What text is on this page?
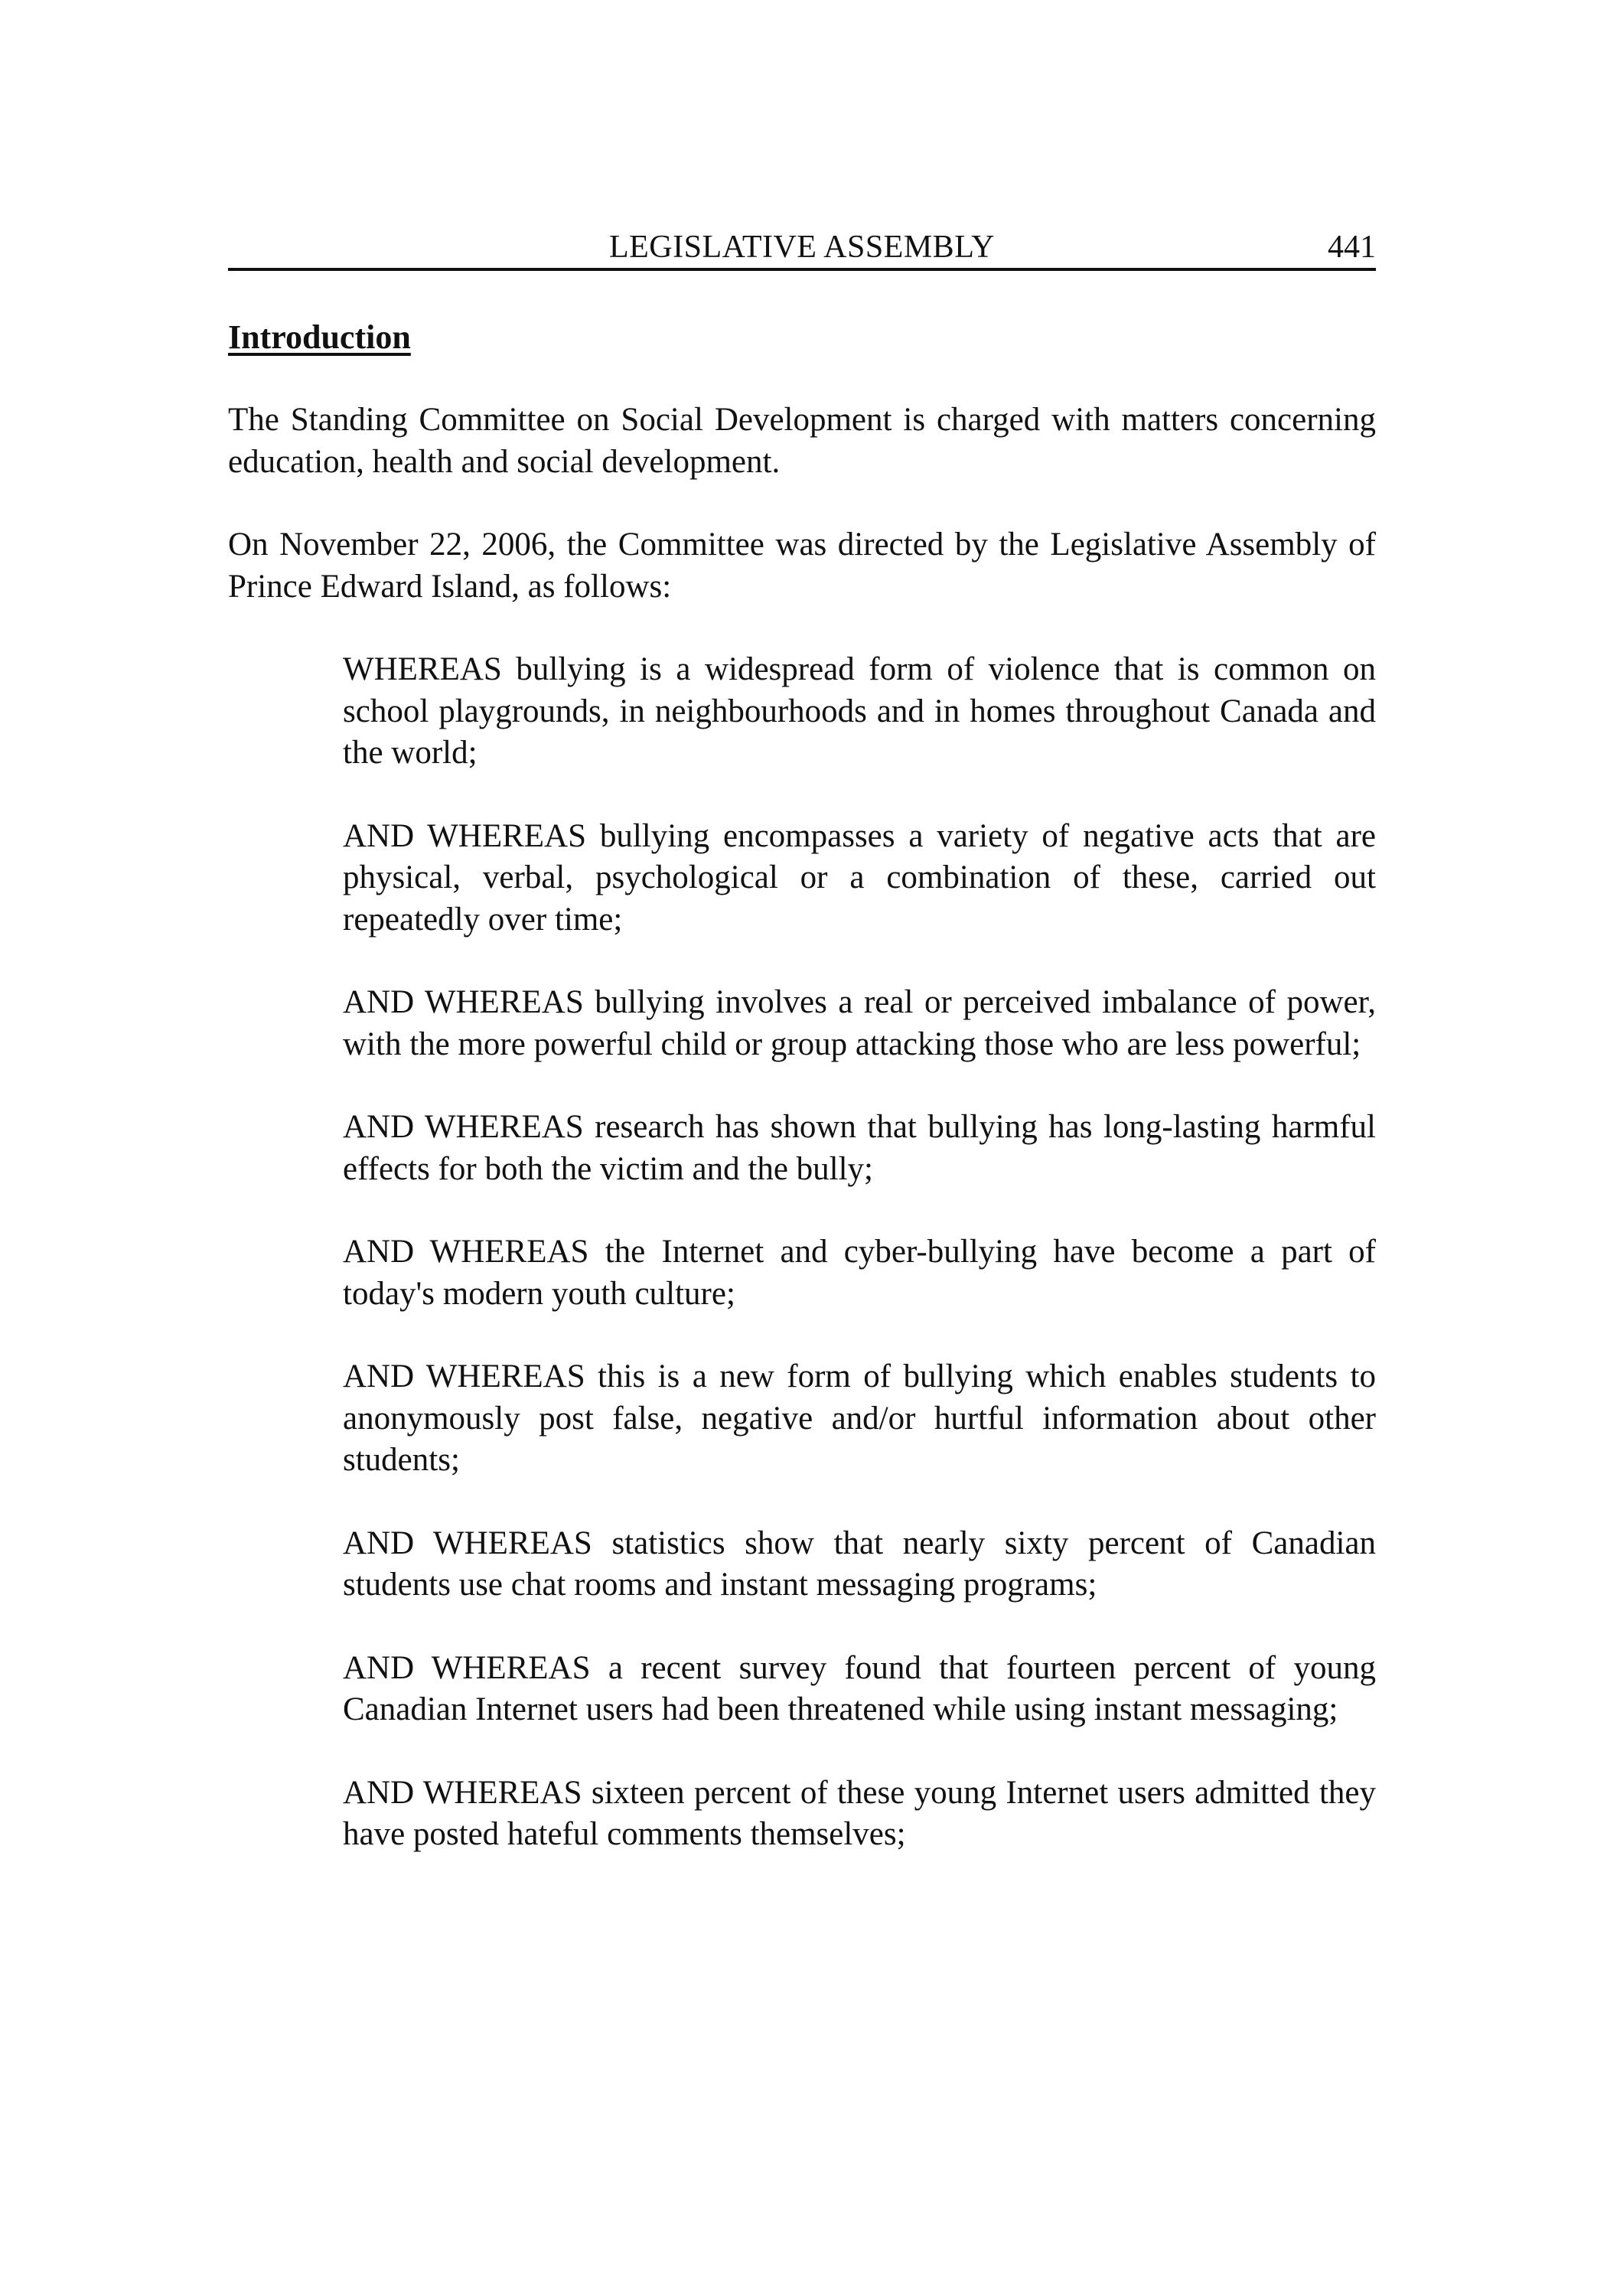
LEGISLATIVE ASSEMBLY	441
Introduction

The Standing Committee on Social Development is charged with matters concerning education, health and social development.

On November 22, 2006, the Committee was directed by the Legislative Assembly of Prince Edward Island, as follows:

WHEREAS bullying is a widespread form of violence that is common on school playgrounds, in neighbourhoods and in homes throughout Canada and the world;

AND WHEREAS bullying encompasses a variety of negative acts that are physical, verbal, psychological or a combination of these, carried out repeatedly over time;

AND WHEREAS bullying involves a real or perceived imbalance of power, with the more powerful child or group attacking those who are less powerful;

AND WHEREAS research has shown that bullying has long-lasting harmful effects for both the victim and the bully;

AND WHEREAS the Internet and cyber-bullying have become a part of today's modern youth culture;

AND WHEREAS this is a new form of bullying which enables students to anonymously post false, negative and/or hurtful information about other students;

AND WHEREAS statistics show that nearly sixty percent of Canadian students use chat rooms and instant messaging programs;

AND WHEREAS a recent survey found that fourteen percent of young Canadian Internet users had been threatened while using instant messaging;

AND WHEREAS sixteen percent of these young Internet users admitted they have posted hateful comments themselves;
